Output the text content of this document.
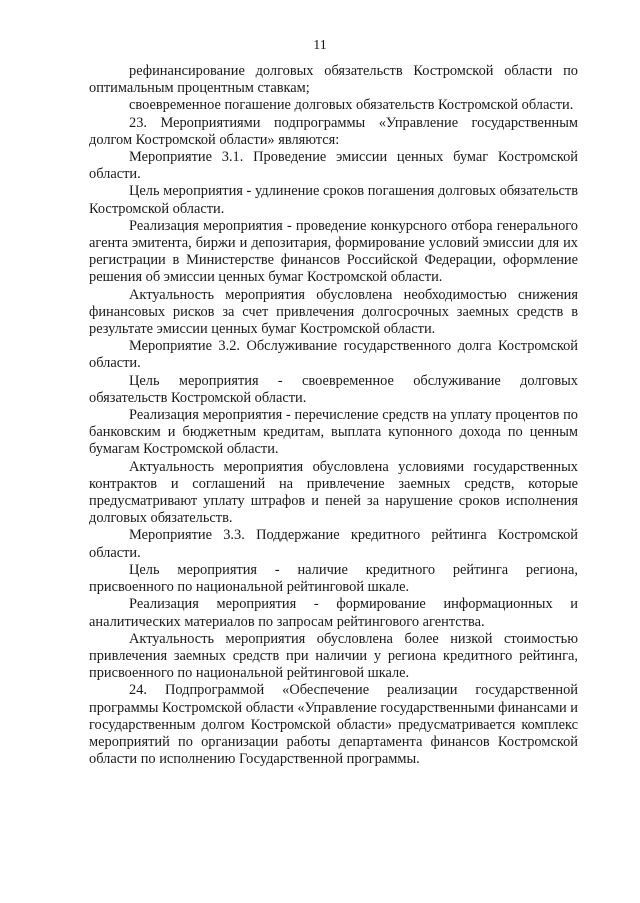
11

рефинансирование долговых обязательств Костромской области по оптимальным процентным ставкам;

своевременное погашение долговых обязательств Костромской области.

23. Мероприятиями подпрограммы «Управление государственным долгом Костромской области» являются:

Мероприятие 3.1. Проведение эмиссии ценных бумаг Костромской области.

Цель мероприятия - удлинение сроков погашения долговых обязательств Костромской области.

Реализация мероприятия - проведение конкурсного отбора генерального агента эмитента, биржи и депозитария, формирование условий эмиссии для их регистрации в Министерстве финансов Российской Федерации, оформление решения об эмиссии ценных бумаг Костромской области.

Актуальность мероприятия обусловлена необходимостью снижения финансовых рисков за счет привлечения долгосрочных заемных средств в результате эмиссии ценных бумаг Костромской области.

Мероприятие 3.2. Обслуживание государственного долга Костромской области.

Цель мероприятия - своевременное обслуживание долговых обязательств Костромской области.

Реализация мероприятия - перечисление средств на уплату процентов по банковским и бюджетным кредитам, выплата купонного дохода по ценным бумагам Костромской области.

Актуальность мероприятия обусловлена условиями государственных контрактов и соглашений на привлечение заемных средств, которые предусматривают уплату штрафов и пеней за нарушение сроков исполнения долговых обязательств.

Мероприятие 3.3. Поддержание кредитного рейтинга Костромской области.

Цель мероприятия - наличие кредитного рейтинга региона, присвоенного по национальной рейтинговой шкале.

Реализация мероприятия - формирование информационных и аналитических материалов по запросам рейтингового агентства.

Актуальность мероприятия обусловлена более низкой стоимостью привлечения заемных средств при наличии у региона кредитного рейтинга, присвоенного по национальной рейтинговой шкале.

24. Подпрограммой «Обеспечение реализации государственной программы Костромской области «Управление государственными финансами и государственным долгом Костромской области» предусматривается комплекс мероприятий по организации работы департамента финансов Костромской области по исполнению Государственной программы.
